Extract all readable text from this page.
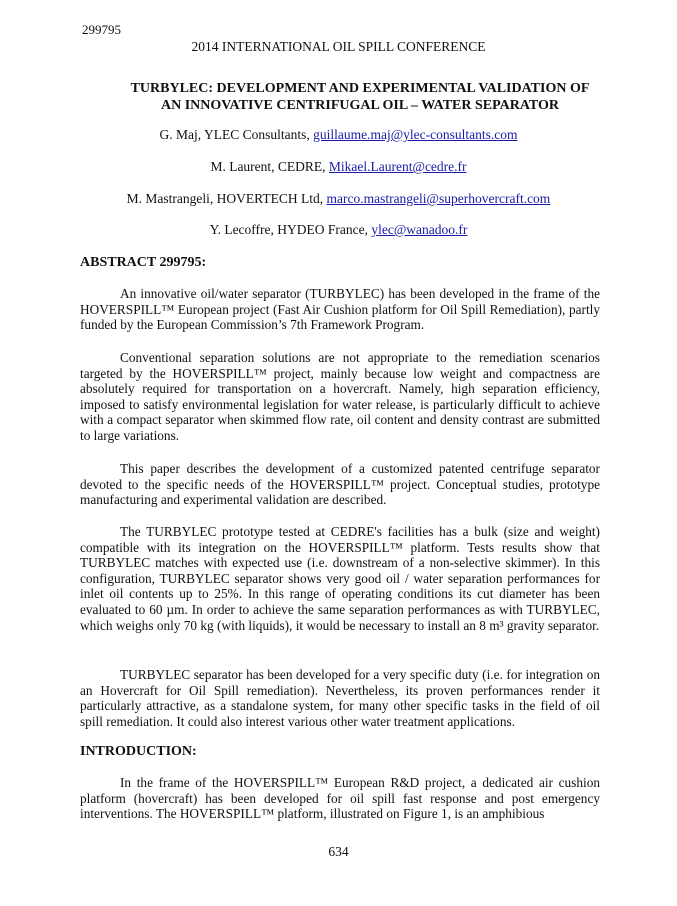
299795
2014 INTERNATIONAL OIL SPILL CONFERENCE
TURBYLEC: DEVELOPMENT AND EXPERIMENTAL VALIDATION OF
AN INNOVATIVE CENTRIFUGAL OIL – WATER SEPARATOR
G. Maj, YLEC Consultants, guillaume.maj@ylec-consultants.com
M. Laurent, CEDRE, Mikael.Laurent@cedre.fr
M. Mastrangeli, HOVERTECH Ltd, marco.mastrangeli@superhovercraft.com
Y. Lecoffre, HYDEO France, ylec@wanadoo.fr
ABSTRACT 299795:
An innovative oil/water separator (TURBYLEC) has been developed in the frame of the HOVERSPILL™ European project (Fast Air Cushion platform for Oil Spill Remediation), partly funded by the European Commission’s 7th Framework Program.
Conventional separation solutions are not appropriate to the remediation scenarios targeted by the HOVERSPILL™ project, mainly because low weight and compactness are absolutely required for transportation on a hovercraft. Namely, high separation efficiency, imposed to satisfy environmental legislation for water release, is particularly difficult to achieve with a compact separator when skimmed flow rate, oil content and density contrast are submitted to large variations.
This paper describes the development of a customized patented centrifuge separator devoted to the specific needs of the HOVERSPILL™ project. Conceptual studies, prototype manufacturing and experimental validation are described.
The TURBYLEC prototype tested at CEDRE's facilities has a bulk (size and weight) compatible with its integration on the HOVERSPILL™ platform. Tests results show that TURBYLEC matches with expected use (i.e. downstream of a non-selective skimmer). In this configuration, TURBYLEC separator shows very good oil / water separation performances for inlet oil contents up to 25%. In this range of operating conditions its cut diameter has been evaluated to 60 µm. In order to achieve the same separation performances as with TURBYLEC, which weighs only 70 kg (with liquids), it would be necessary to install an 8 m³ gravity separator.
TURBYLEC separator has been developed for a very specific duty (i.e. for integration on an Hovercraft for Oil Spill remediation). Nevertheless, its proven performances render it particularly attractive, as a standalone system, for many other specific tasks in the field of oil spill remediation. It could also interest various other water treatment applications.
INTRODUCTION:
In the frame of the HOVERSPILL™ European R&D project, a dedicated air cushion platform (hovercraft) has been developed for oil spill fast response and post emergency interventions. The HOVERSPILL™ platform, illustrated on Figure 1, is an amphibious
634
